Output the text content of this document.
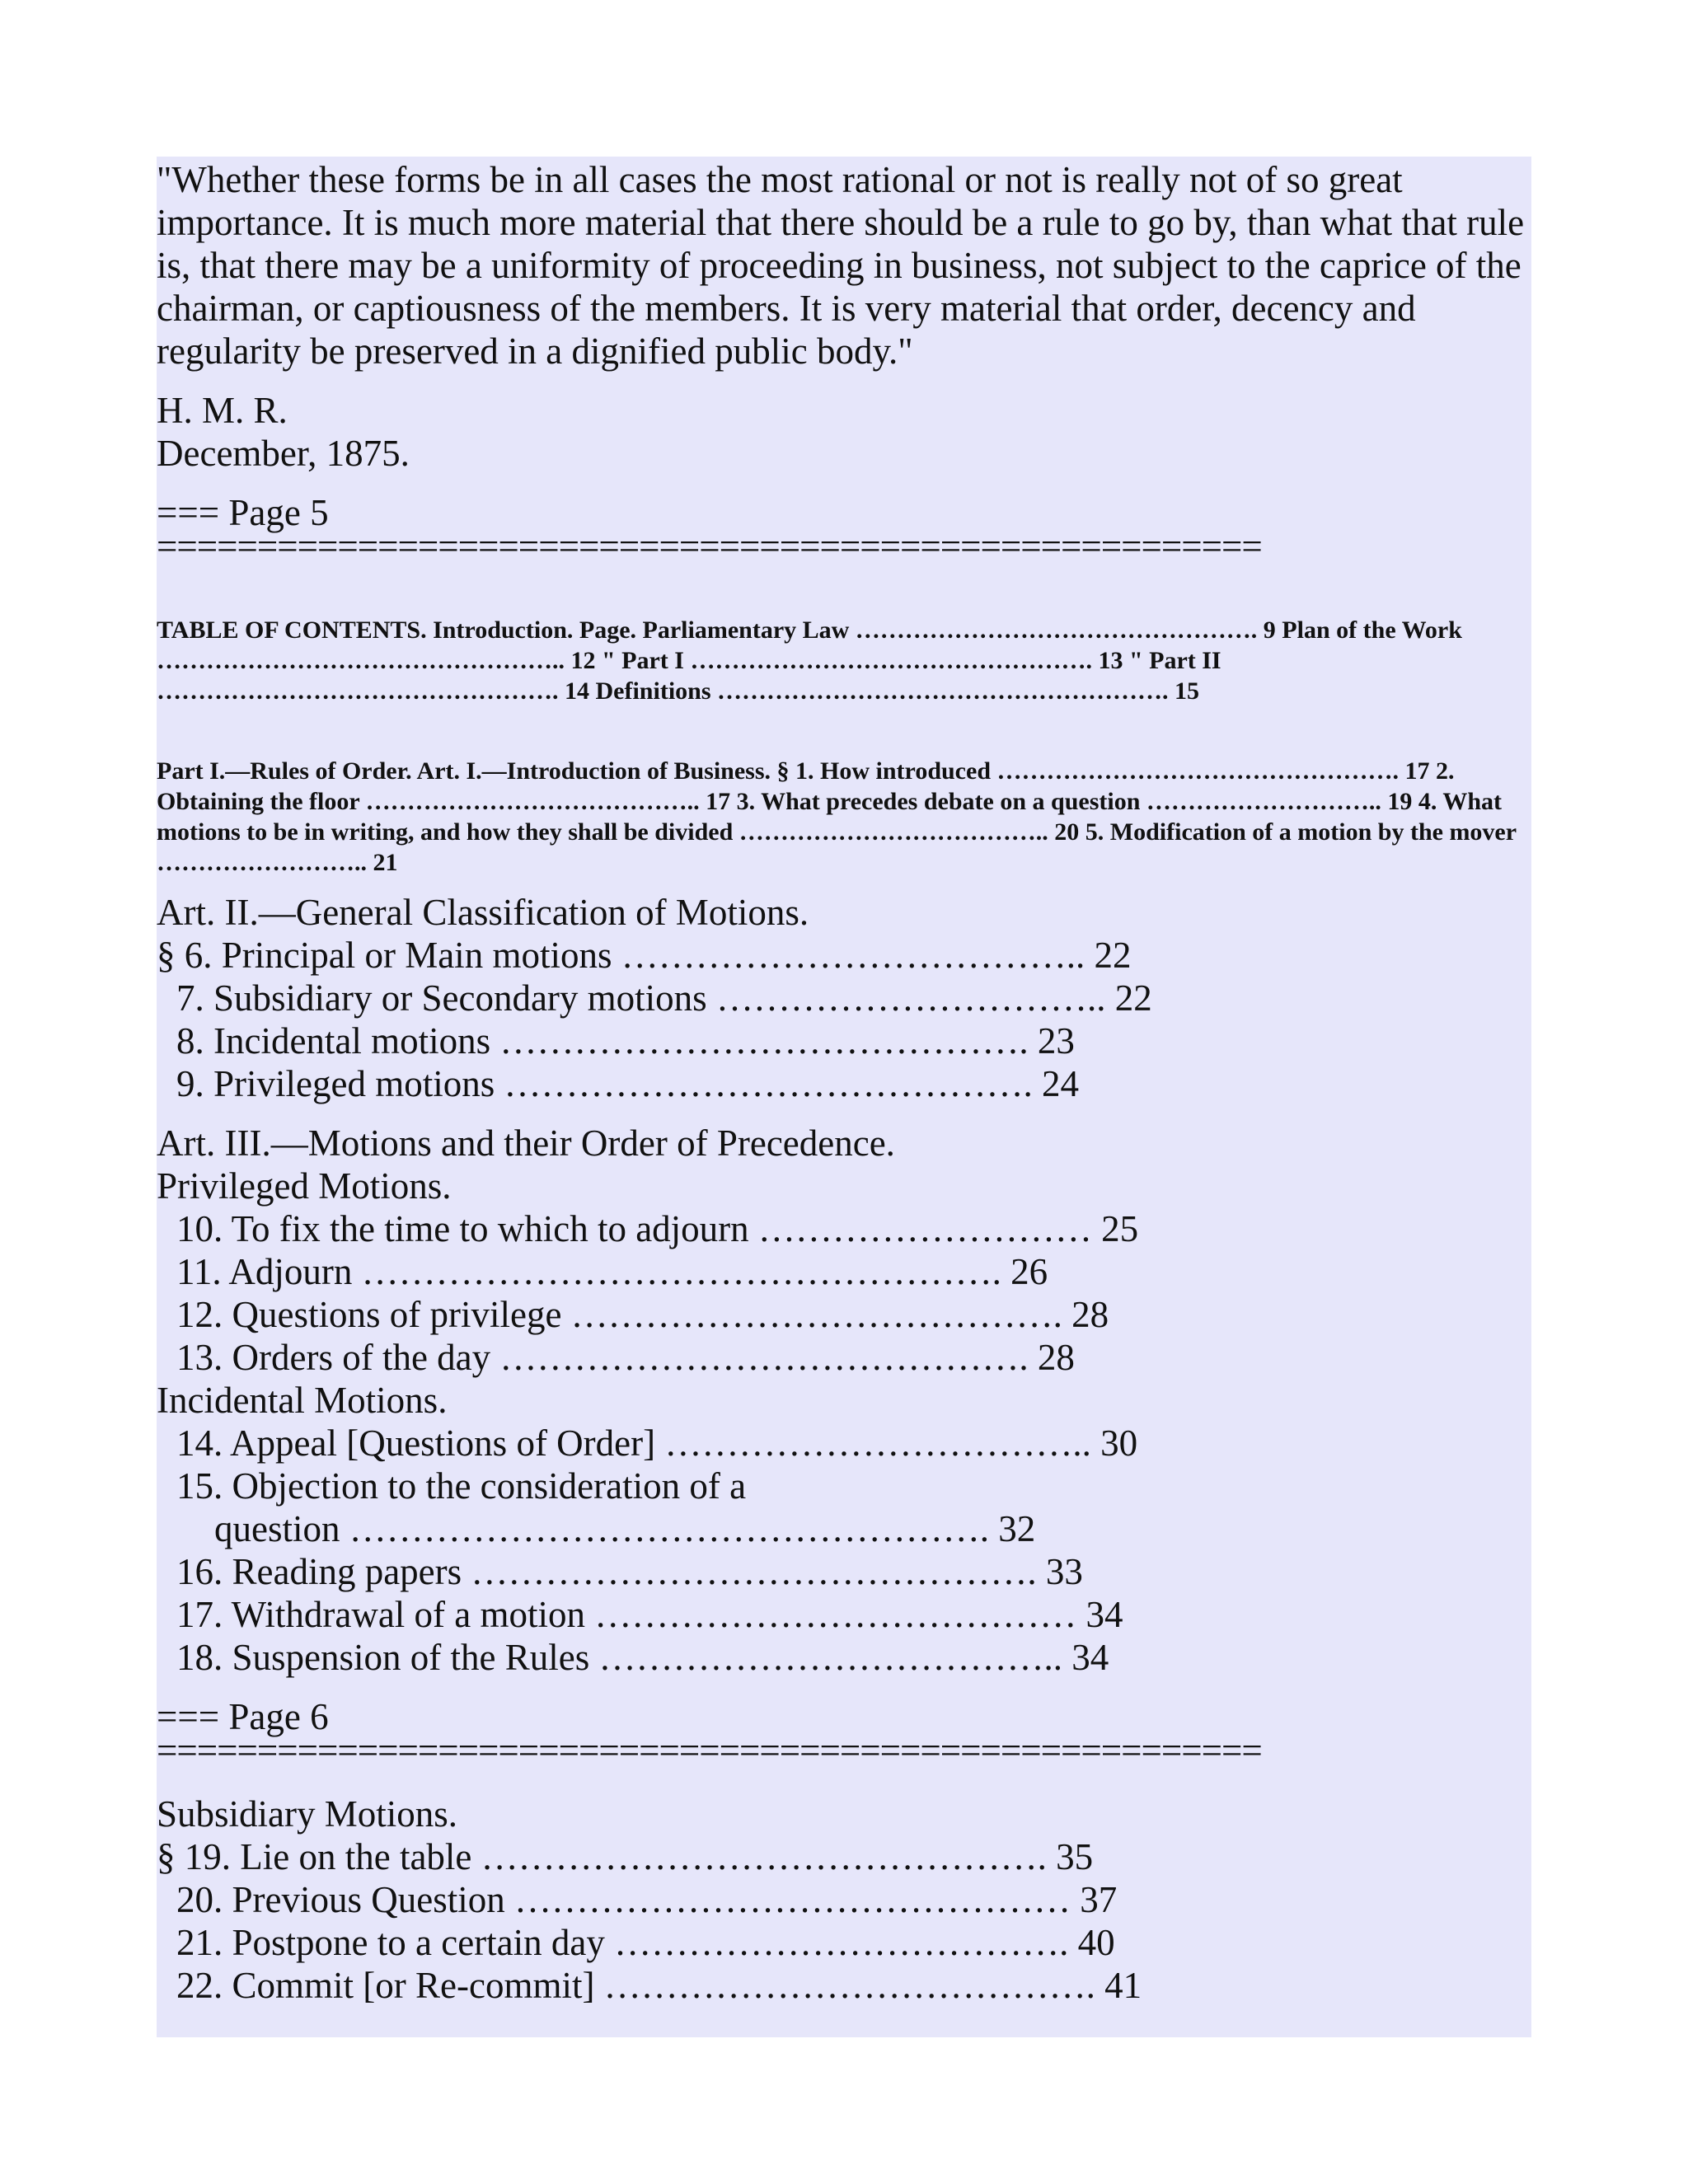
"Whether these forms be in all cases the most rational or not is really not of so great importance. It is much more material that there should be a rule to go by, than what that rule is, that there may be a uniformity of proceeding in business, not subject to the caprice of the chairman, or captiousness of the members. It is very material that order, decency and regularity be preserved in a dignified public body."
H. M. R.
December, 1875.
=== Page 5
=======================================================
TABLE OF CONTENTS. Introduction. Page. Parliamentary Law …………………………………………. 9 Plan of the Work ………………………………………….. 12 " Part I …………………………………………. 13 " Part II …………………………………………. 14 Definitions ………………………………………………. 15
Part I.—Rules of Order. Art. I.—Introduction of Business. § 1. How introduced …………………………………………. 17 2. Obtaining the floor ………………………………….. 17 3. What precedes debate on a question ……………………….. 19 4. What motions to be in writing, and how they shall be divided ……………………………….. 20 5. Modification of a motion by the mover …………………….. 21
Art. II.—General Classification of Motions.
§ 6. Principal or Main motions ……………………………….. 22
7. Subsidiary or Secondary motions ………………………….. 22
8. Incidental motions ……………………………………. 23
9. Privileged motions ……………………………………. 24
Art. III.—Motions and their Order of Precedence.
Privileged Motions.
10. To fix the time to which to adjourn ……………………… 25
11. Adjourn ……………………………………………. 26
12. Questions of privilege …………………………………. 28
13. Orders of the day ……………………………………. 28
Incidental Motions.
14. Appeal [Questions of Order] …………………………….. 30
15. Objection to the consideration of a
question ……………………………………………. 32
16. Reading papers ………………………………………. 33
17. Withdrawal of a motion ………………………………… 34
18. Suspension of the Rules ……………………………….. 34
=== Page 6
=======================================================
Subsidiary Motions.
§ 19. Lie on the table ………………………………………. 35
20. Previous Question ……………………………………… 37
21. Postpone to a certain day ………………………………. 40
22. Commit [or Re-commit] …………………………………. 41
